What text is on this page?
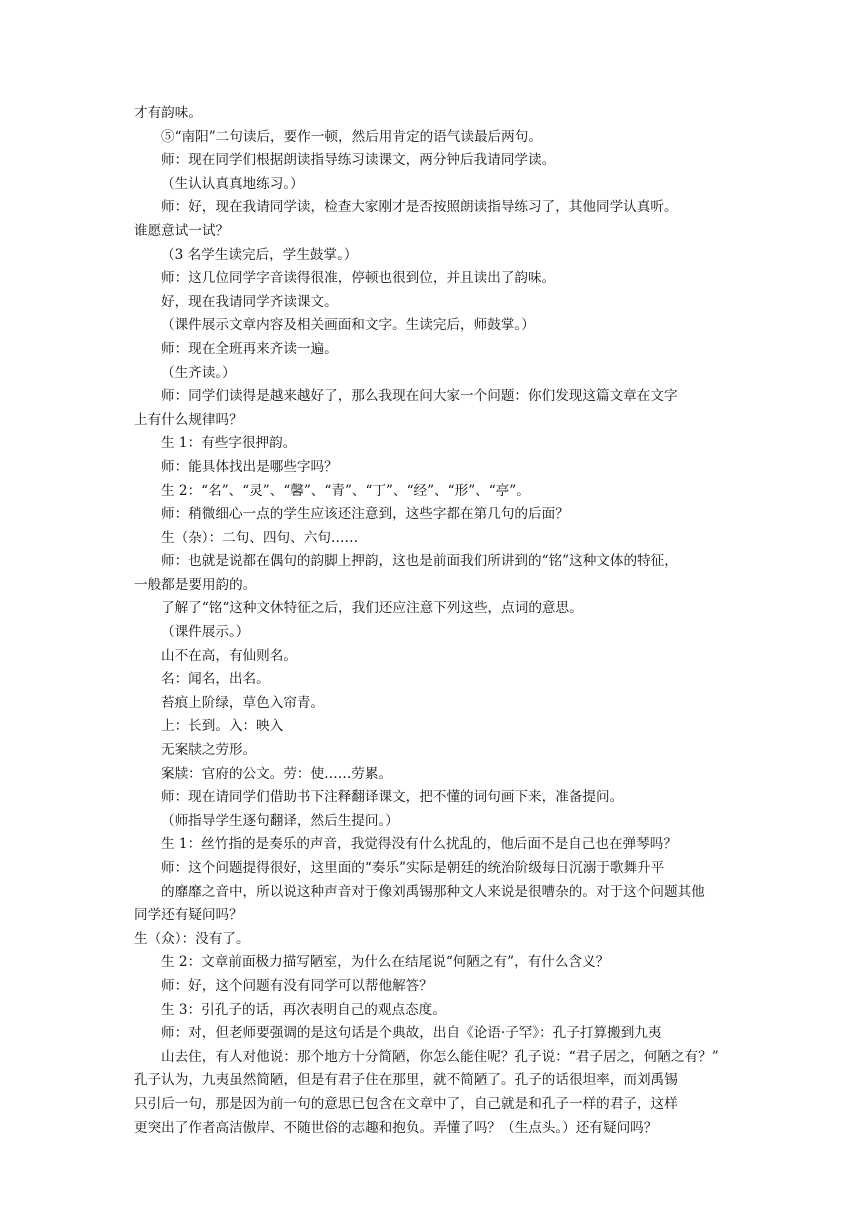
才有韵味。
⑤“南阳”二句读后，要作一顿，然后用肯定的语气读最后两句。
师：现在同学们根据朗读指导练习读课文，两分钟后我请同学读。
（生认认真真地练习。）
师：好，现在我请同学读，检查大家刚才是否按照朗读指导练习了，其他同学认真听。
谁愿意试一试？
（3 名学生读完后，学生鼓掌。）
师：这几位同学字音读得很准，停顿也很到位，并且读出了韵味。
好，现在我请同学齐读课文。
（课件展示文章内容及相关画面和文字。生读完后，师鼓掌。）
师：现在全班再来齐读一遍。
（生齐读。）
师：同学们读得是越来越好了，那么我现在问大家一个问题：你们发现这篇文章在文字
上有什么规律吗？
生 1：有些字很押韵。
师：能具体找出是哪些字吗？
生 2：“名”、“灵”、“馨”、“青”、“丁”、“经”、“形”、“亭”。
师：稍微细心一点的学生应该还注意到，这些字都在第几句的后面？
生（杂）：二句、四句、六句……
师：也就是说都在偶句的韵脚上押韵，这也是前面我们所讲到的“铭”这种文体的特征，
一般都是要用韵的。
了解了“铭“这种文休特征之后，我们还应注意下列这些，点词的意思。
（课件展示。）
山不在高，有仙则名。
名：闻名，出名。
苔痕上阶绿，草色入帘青。
上：长到。入：映入
无案牍之劳形。
案牍：官府的公文。劳：使……劳累。
师：现在请同学们借助书下注释翻译课文，把不懂的词句画下来，准备提问。
（师指导学生逐句翻译，然后生提问。）
生 1：丝竹指的是奏乐的声音，我觉得没有什么扰乱的，他后面不是自己也在弹琴吗？
师：这个问题提得很好，这里面的“奏乐”实际是朝廷的统治阶级每日沉溺于歌舞升平
的靡靡之音中，所以说这种声音对于像刘禹锡那种文人来说是很嘈杂的。对于这个问题其他
同学还有疑问吗？
生（众）：没有了。
生 2：文章前面极力描写陋室，为什么在结尾说“何陋之有”，有什么含义？
师：好，这个问题有没有同学可以帮他解答？
生 3：引孔子的话，再次表明自己的观点态度。
师：对，但老师要强调的是这句话是个典故，出自《论语·子罕》：孔子打算搬到九夷
山去住，有人对他说：那个地方十分简陋，你怎么能住呢？孔子说：“君子居之，何陋之有？”
孔子认为，九夷虽然简陋，但是有君子住在那里，就不简陋了。孔子的话很坦率，而刘禹锡
只引后一句，那是因为前一句的意思已包含在文章中了，自己就是和孔子一样的君子，这样
更突出了作者高洁傲岸、不随世俗的志趣和抱负。弄懂了吗？（生点头。）还有疑问吗？
